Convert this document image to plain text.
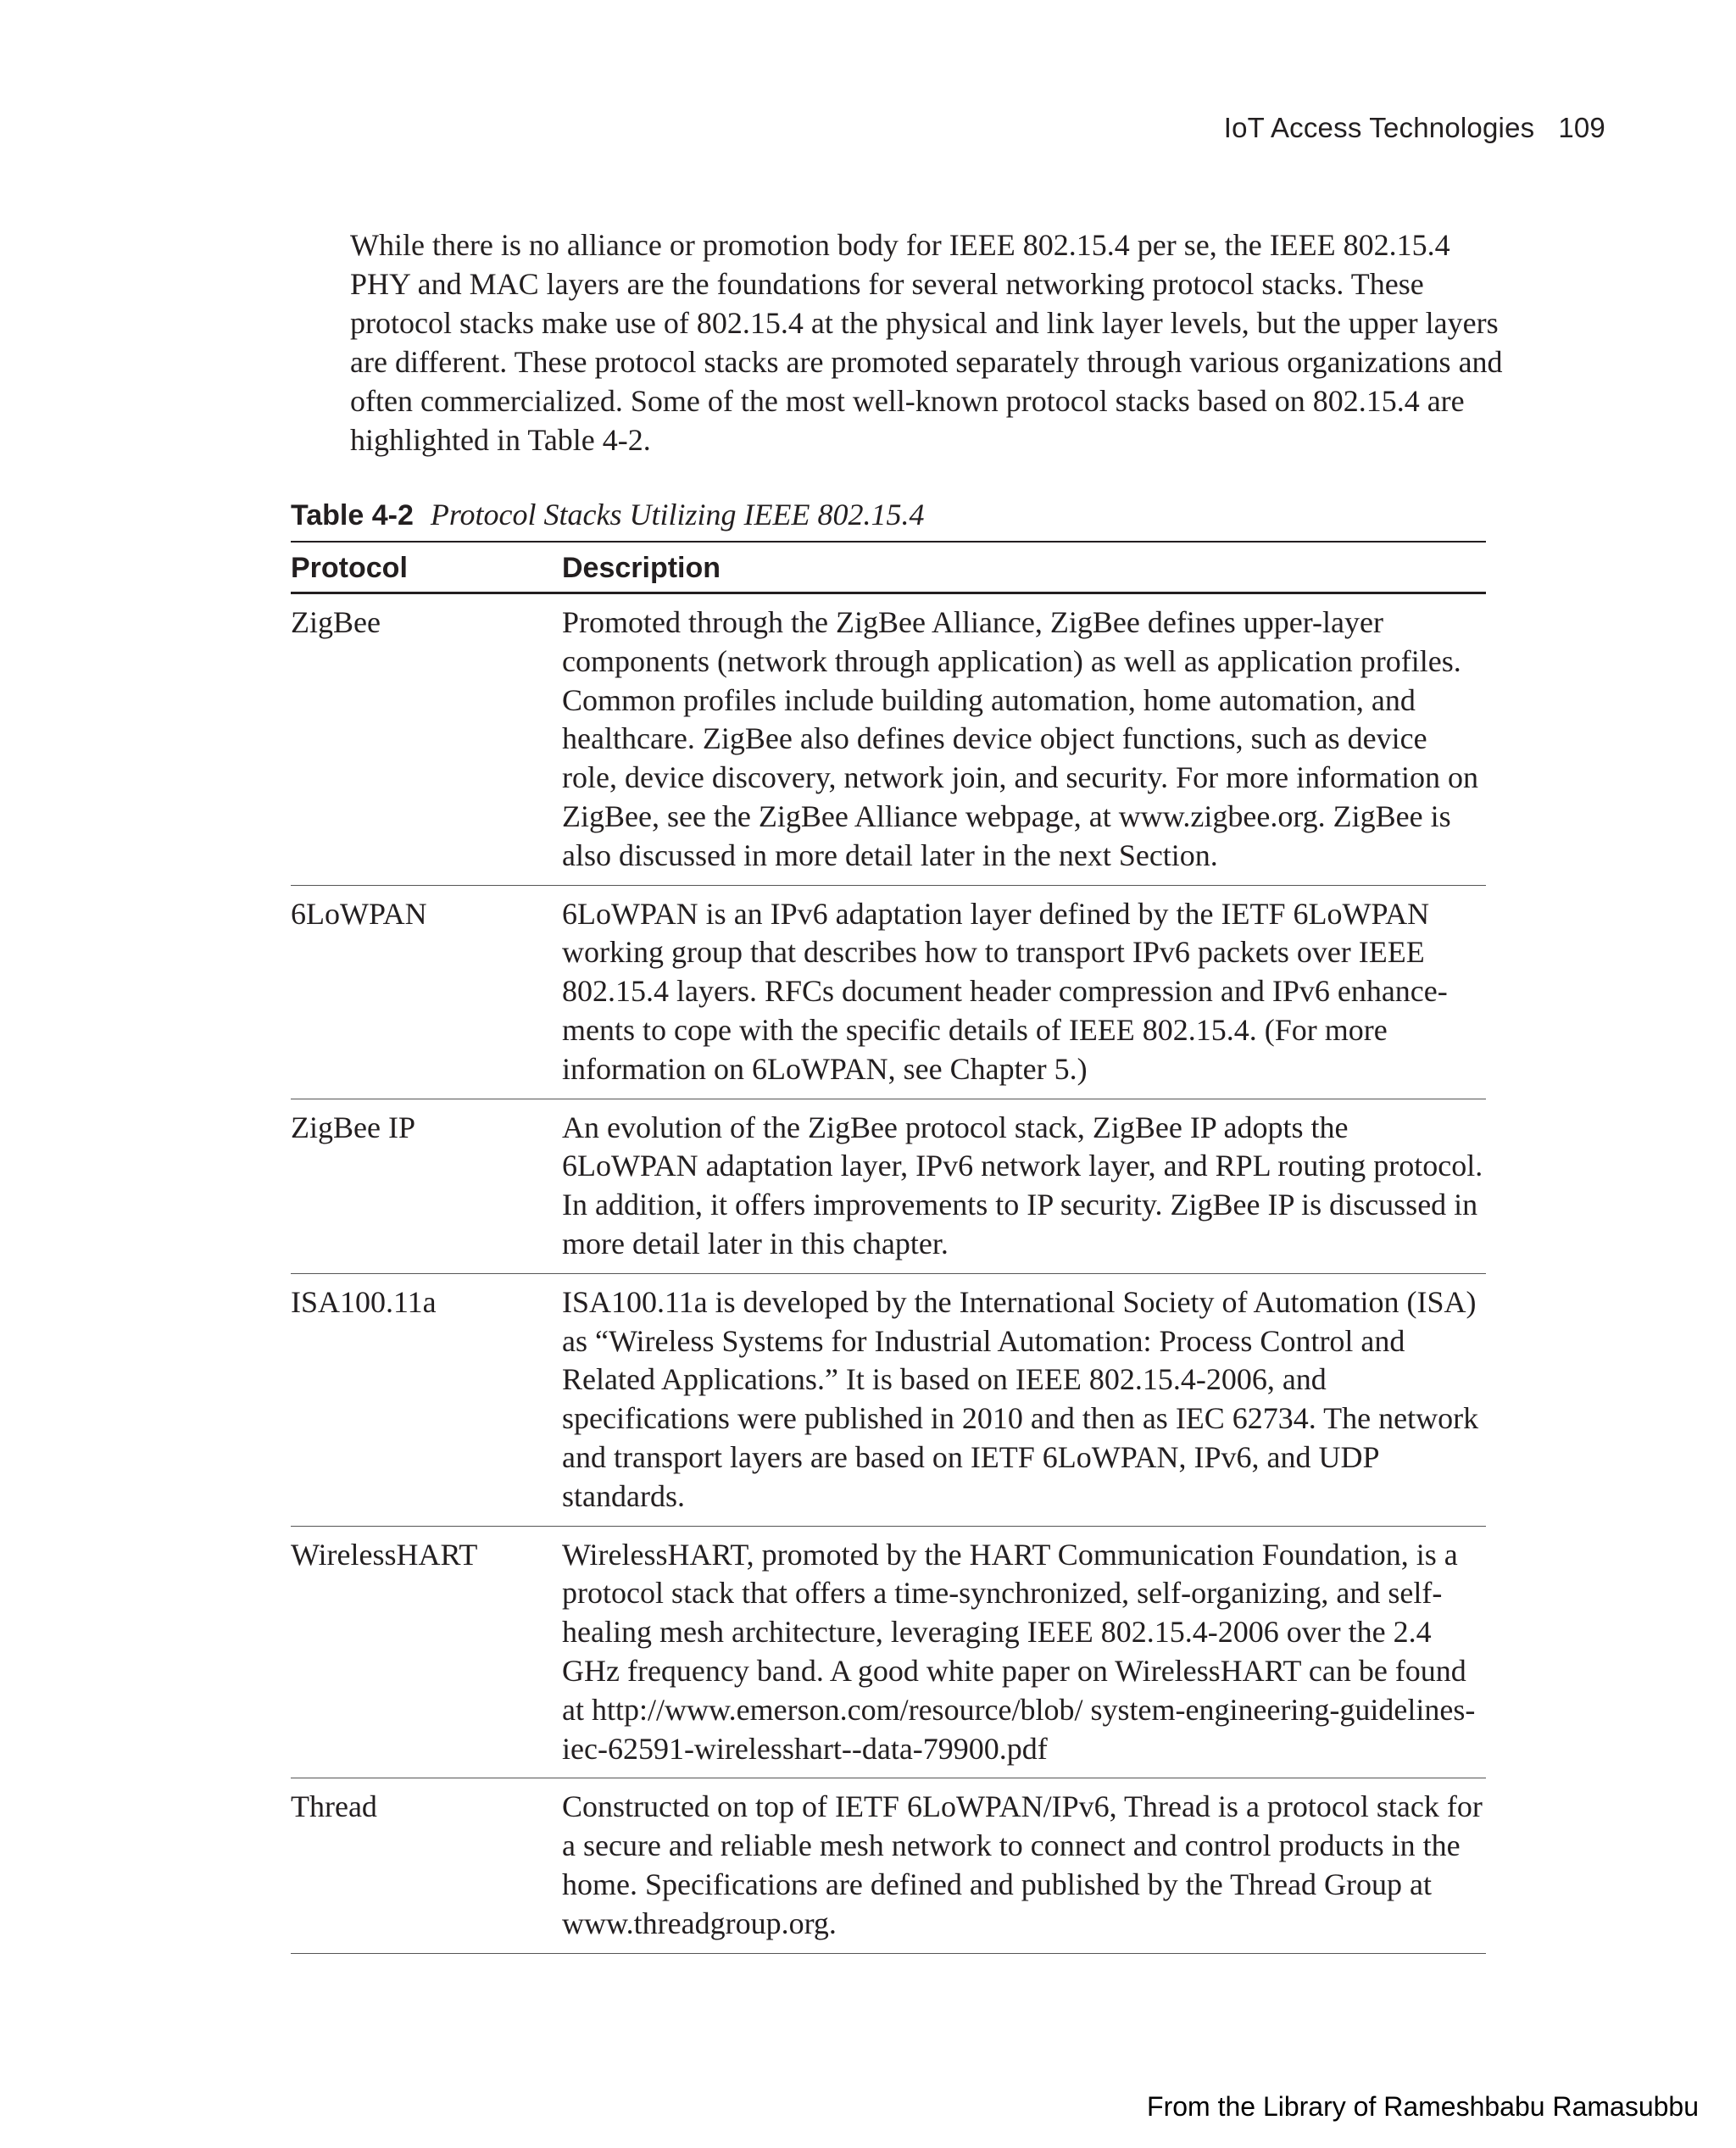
IoT Access Technologies 109

While there is no alliance or promotion body for IEEE 802.15.4 per se, the IEEE 802.15.4 PHY and MAC layers are the foundations for several networking protocol stacks. These protocol stacks make use of 802.15.4 at the physical and link layer levels, but the upper layers are different. These protocol stacks are promoted separately through various organizations and often commercialized. Some of the most well-known protocol stacks based on 802.15.4 are highlighted in Table 4-2.

Table 4-2 Protocol Stacks Utilizing IEEE 802.15.4

Protocol	Description
ZigBee	Promoted through the ZigBee Alliance, ZigBee defines upper-layer components (network through application) as well as application profiles. Common profiles include building automation, home automation, and healthcare. ZigBee also defines device object functions, such as device role, device discovery, network join, and security. For more information on ZigBee, see the ZigBee Alliance webpage, at www.zigbee.org. ZigBee is also discussed in more detail later in the next Section.
6LoWPAN	6LoWPAN is an IPv6 adaptation layer defined by the IETF 6LoWPAN working group that describes how to transport IPv6 packets over IEEE 802.15.4 layers. RFCs document header compression and IPv6 enhance-ments to cope with the specific details of IEEE 802.15.4. (For more information on 6LoWPAN, see Chapter 5.)
ZigBee IP	An evolution of the ZigBee protocol stack, ZigBee IP adopts the 6LoWPAN adaptation layer, IPv6 network layer, and RPL routing protocol. In addition, it offers improvements to IP security. ZigBee IP is discussed in more detail later in this chapter.
ISA100.11a	ISA100.11a is developed by the International Society of Automation (ISA) as “Wireless Systems for Industrial Automation: Process Control and Related Applications.” It is based on IEEE 802.15.4-2006, and specifications were published in 2010 and then as IEC 62734. The network and transport layers are based on IETF 6LoWPAN, IPv6, and UDP standards.
WirelessHART	WirelessHART, promoted by the HART Communication Foundation, is a protocol stack that offers a time-synchronized, self-organizing, and self-healing mesh architecture, leveraging IEEE 802.15.4-2006 over the 2.4 GHz frequency band. A good white paper on WirelessHART can be found at http://www.emerson.com/resource/blob/ system-engineering-guidelines-iec-62591-wirelesshart--data-79900.pdf
Thread	Constructed on top of IETF 6LoWPAN/IPv6, Thread is a protocol stack for a secure and reliable mesh network to connect and control products in the home. Specifications are defined and published by the Thread Group at www.threadgroup.org.
From the Library of Rameshbabu Ramasubbu
